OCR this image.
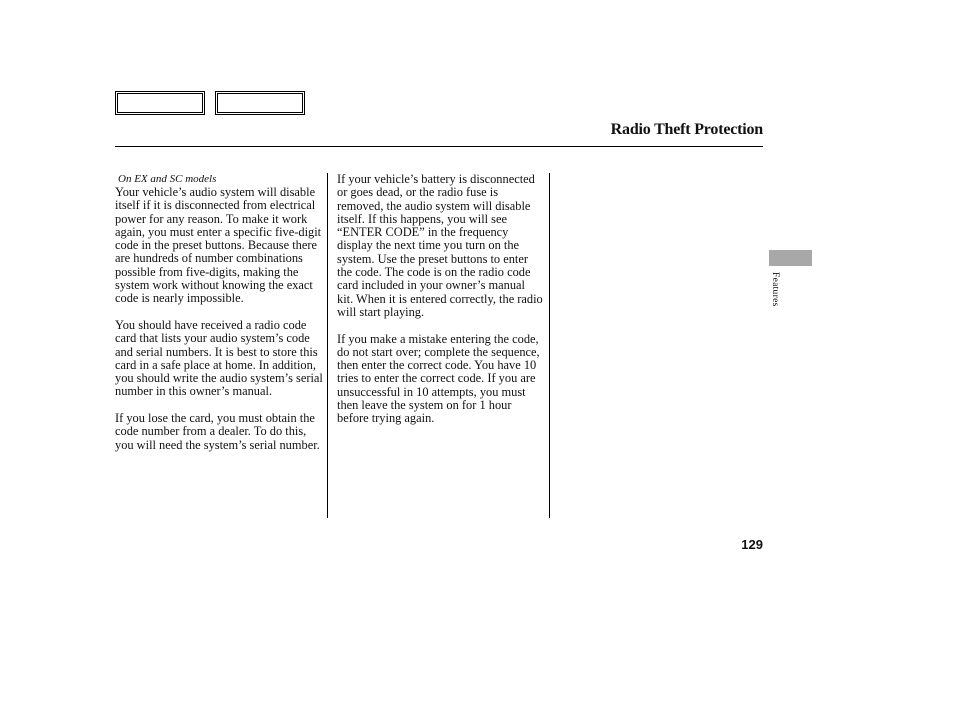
Radio Theft Protection
On EX and SC models

Your vehicle’s audio system will disable itself if it is disconnected from electrical power for any reason. To make it work again, you must enter a specific five-digit code in the preset buttons. Because there are hundreds of number combinations possible from five-digits, making the system work without knowing the exact code is nearly impossible.

You should have received a radio code card that lists your audio system’s code and serial numbers. It is best to store this card in a safe place at home. In addition, you should write the audio system’s serial number in this owner’s manual.

If you lose the card, you must obtain the code number from a dealer. To do this, you will need the system’s serial number.

If your vehicle’s battery is disconnected or goes dead, or the radio fuse is removed, the audio system will disable itself. If this happens, you will see “ENTER CODE” in the frequency display the next time you turn on the system. Use the preset buttons to enter the code. The code is on the radio code card included in your owner’s manual kit. When it is entered correctly, the radio will start playing.

If you make a mistake entering the code, do not start over; complete the sequence, then enter the correct code. You have 10 tries to enter the correct code. If you are unsuccessful in 10 attempts, you must then leave the system on for 1 hour before trying again.

Features
129
